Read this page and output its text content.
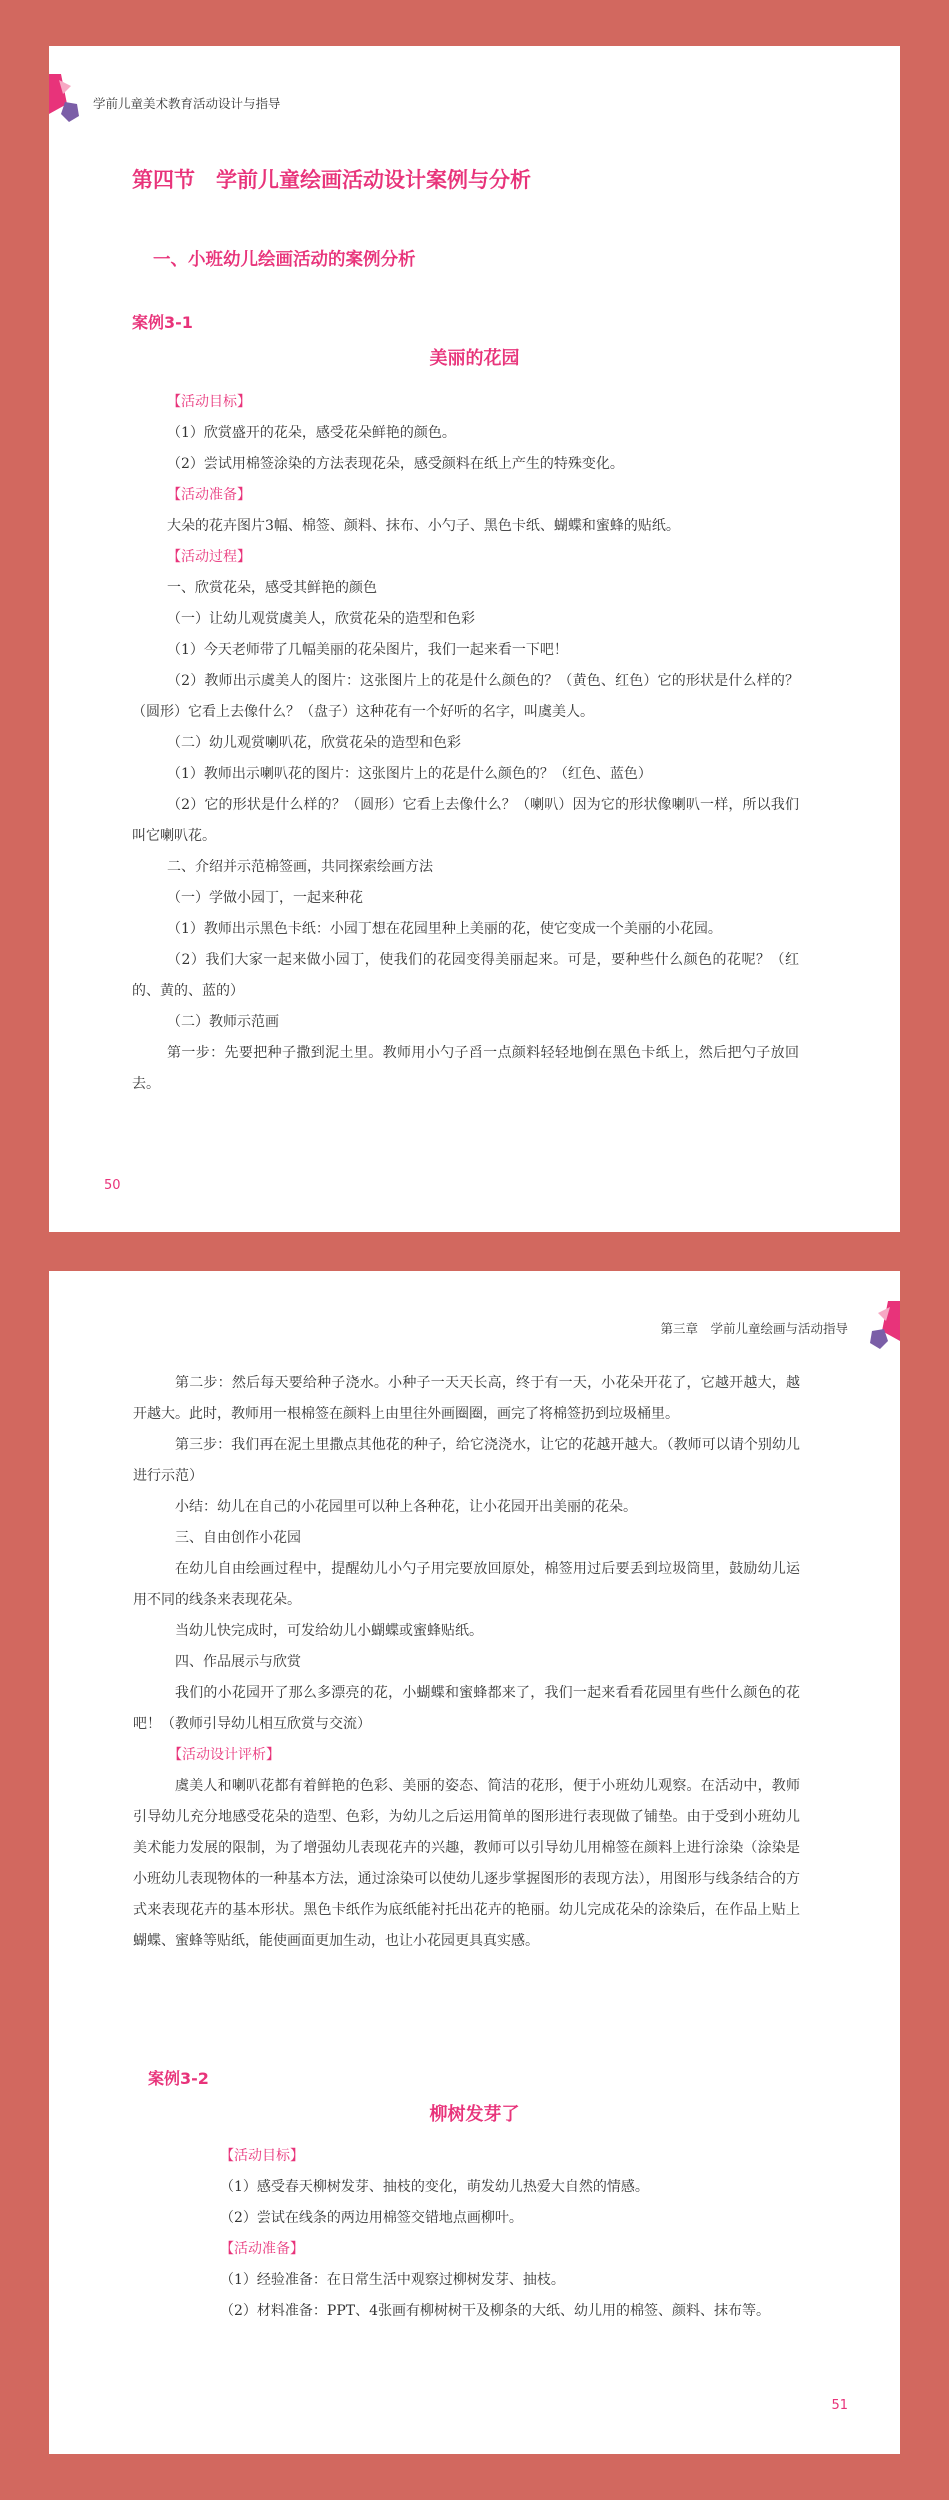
学前儿童美术教育活动设计与指导
第四节　学前儿童绘画活动设计案例与分析
一、小班幼儿绘画活动的案例分析
案例3-1
美丽的花园
【活动目标】

（1）欣赏盛开的花朵，感受花朵鲜艳的颜色。

（2）尝试用棉签涂染的方法表现花朵，感受颜料在纸上产生的特殊变化。

【活动准备】

大朵的花卉图片3幅、棉签、颜料、抹布、小勺子、黑色卡纸、蝴蝶和蜜蜂的贴纸。

【活动过程】

一、欣赏花朵，感受其鲜艳的颜色

（一）让幼儿观赏虞美人，欣赏花朵的造型和色彩

（1）今天老师带了几幅美丽的花朵图片，我们一起来看一下吧！

（2）教师出示虞美人的图片：这张图片上的花是什么颜色的？（黄色、红色）它的形状是什么样的？（圆形）它看上去像什么？（盘子）这种花有一个好听的名字，叫虞美人。

（二）幼儿观赏喇叭花，欣赏花朵的造型和色彩

（1）教师出示喇叭花的图片：这张图片上的花是什么颜色的？（红色、蓝色）

（2）它的形状是什么样的？（圆形）它看上去像什么？（喇叭）因为它的形状像喇叭一样，所以我们叫它喇叭花。

二、介绍并示范棉签画，共同探索绘画方法

（一）学做小园丁，一起来种花

（1）教师出示黑色卡纸：小园丁想在花园里种上美丽的花，使它变成一个美丽的小花园。

（2）我们大家一起来做小园丁，使我们的花园变得美丽起来。可是，要种些什么颜色的花呢？（红的、黄的、蓝的）

（二）教师示范画

第一步：先要把种子撒到泥土里。教师用小勺子舀一点颜料轻轻地倒在黑色卡纸上，然后把勺子放回去。

50
第三章　学前儿童绘画与活动指导

第二步：然后每天要给种子浇水。小种子一天天长高，终于有一天，小花朵开花了，它越开越大，越开越大。此时，教师用一根棉签在颜料上由里往外画圈圈，画完了将棉签扔到垃圾桶里。

第三步：我们再在泥土里撒点其他花的种子，给它浇浇水，让它的花越开越大。（教师可以请个别幼儿进行示范）

小结：幼儿在自己的小花园里可以种上各种花，让小花园开出美丽的花朵。

三、自由创作小花园

在幼儿自由绘画过程中，提醒幼儿小勺子用完要放回原处，棉签用过后要丢到垃圾筒里，鼓励幼儿运用不同的线条来表现花朵。

当幼儿快完成时，可发给幼儿小蝴蝶或蜜蜂贴纸。

四、作品展示与欣赏

我们的小花园开了那么多漂亮的花，小蝴蝶和蜜蜂都来了，我们一起来看看花园里有些什么颜色的花吧！（教师引导幼儿相互欣赏与交流）

【活动设计评析】

虞美人和喇叭花都有着鲜艳的色彩、美丽的姿态、简洁的花形，便于小班幼儿观察。在活动中，教师引导幼儿充分地感受花朵的造型、色彩，为幼儿之后运用简单的图形进行表现做了铺垫。由于受到小班幼儿美术能力发展的限制，为了增强幼儿表现花卉的兴趣，教师可以引导幼儿用棉签在颜料上进行涂染（涂染是小班幼儿表现物体的一种基本方法，通过涂染可以使幼儿逐步掌握图形的表现方法），用图形与线条结合的方式来表现花卉的基本形状。黑色卡纸作为底纸能衬托出花卉的艳丽。幼儿完成花朵的涂染后，在作品上贴上蝴蝶、蜜蜂等贴纸，能使画面更加生动，也让小花园更具真实感。

案例3-2
柳树发芽了
【活动目标】

（1）感受春天柳树发芽、抽枝的变化，萌发幼儿热爱大自然的情感。

（2）尝试在线条的两边用棉签交错地点画柳叶。

【活动准备】

（1）经验准备：在日常生活中观察过柳树发芽、抽枝。

（2）材料准备：PPT、4张画有柳树树干及柳条的大纸、幼儿用的棉签、颜料、抹布等。

51
